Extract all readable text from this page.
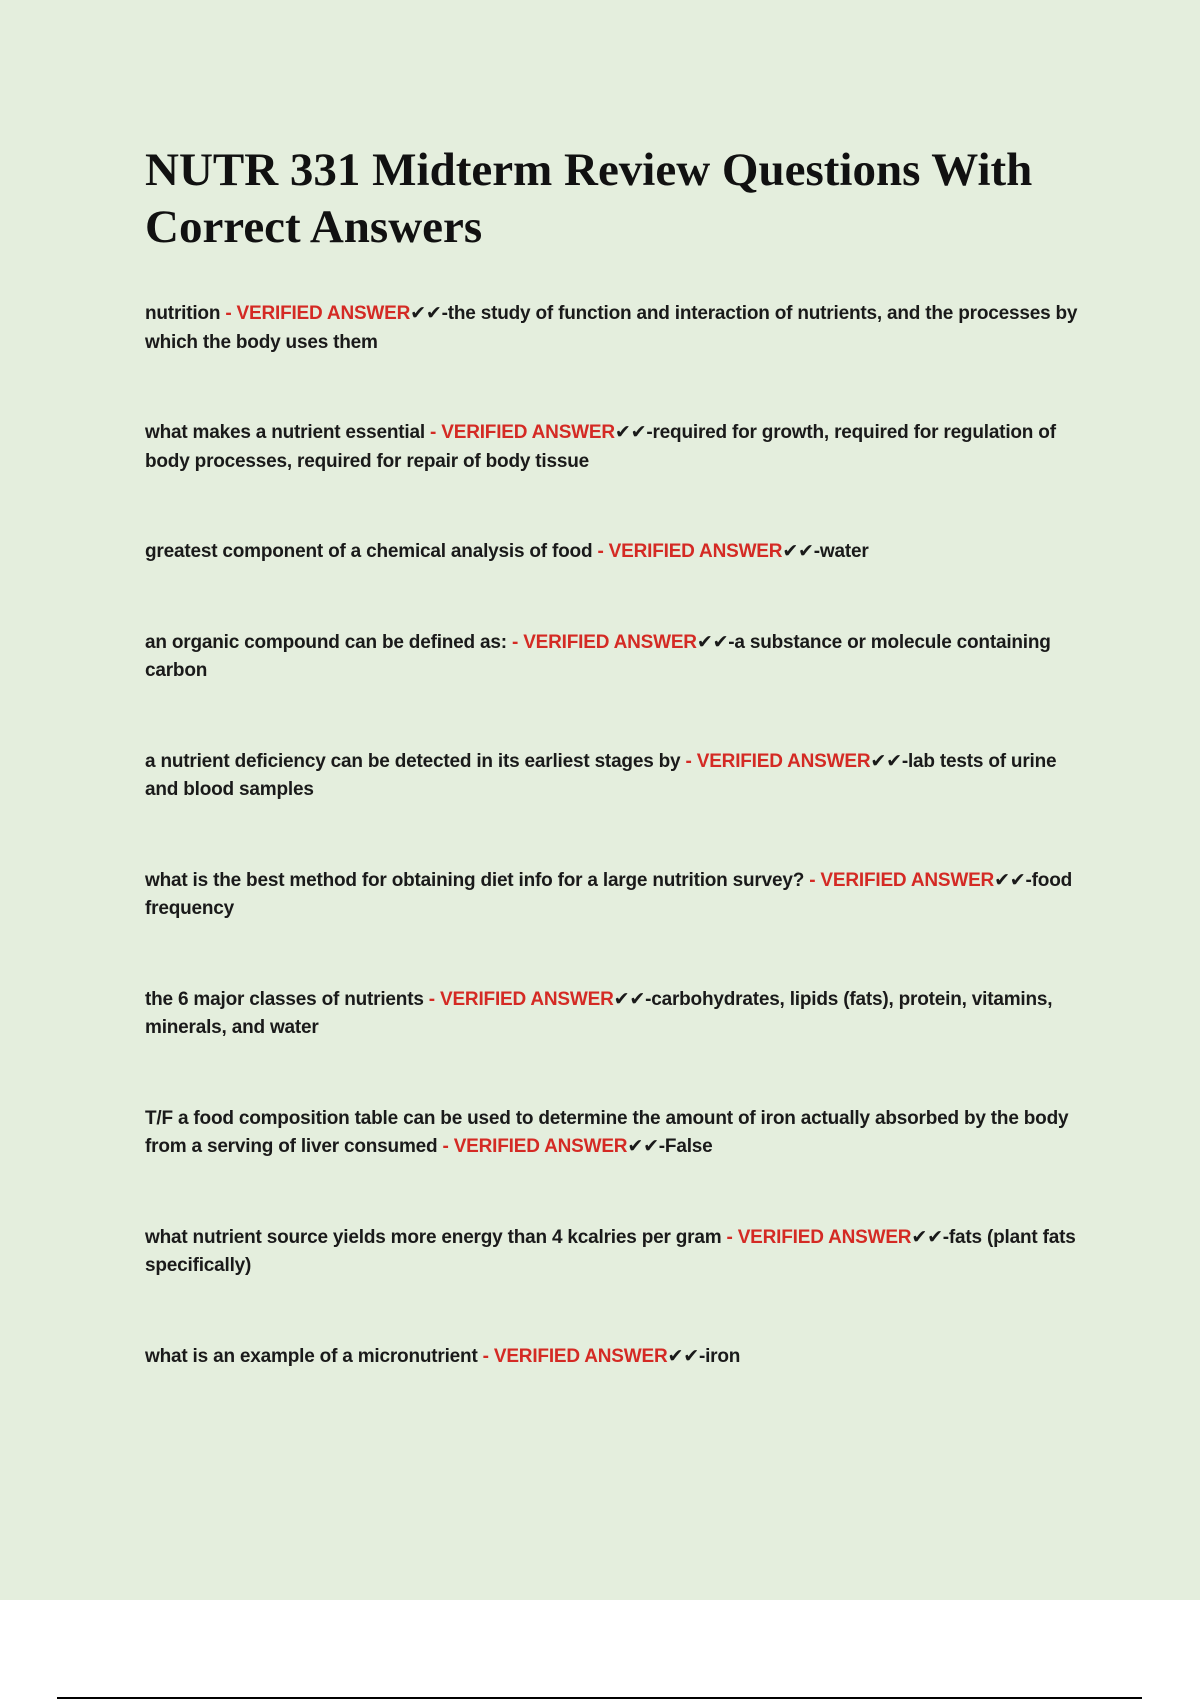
NUTR 331 Midterm Review Questions With Correct Answers

nutrition - VERIFIED ANSWER✔✔-the study of function and interaction of nutrients, and the processes by which the body uses them

what makes a nutrient essential - VERIFIED ANSWER✔✔-required for growth, required for regulation of body processes, required for repair of body tissue

greatest component of a chemical analysis of food - VERIFIED ANSWER✔✔-water

an organic compound can be defined as: - VERIFIED ANSWER✔✔-a substance or molecule containing carbon

a nutrient deficiency can be detected in its earliest stages by - VERIFIED ANSWER✔✔-lab tests of urine and blood samples

what is the best method for obtaining diet info for a large nutrition survey? - VERIFIED ANSWER✔✔-food frequency

the 6 major classes of nutrients - VERIFIED ANSWER✔✔-carbohydrates, lipids (fats), protein, vitamins, minerals, and water

T/F a food composition table can be used to determine the amount of iron actually absorbed by the body from a serving of liver consumed - VERIFIED ANSWER✔✔-False

what nutrient source yields more energy than 4 kcalries per gram - VERIFIED ANSWER✔✔-fats (plant fats specifically)

what is an example of a micronutrient - VERIFIED ANSWER✔✔-iron
